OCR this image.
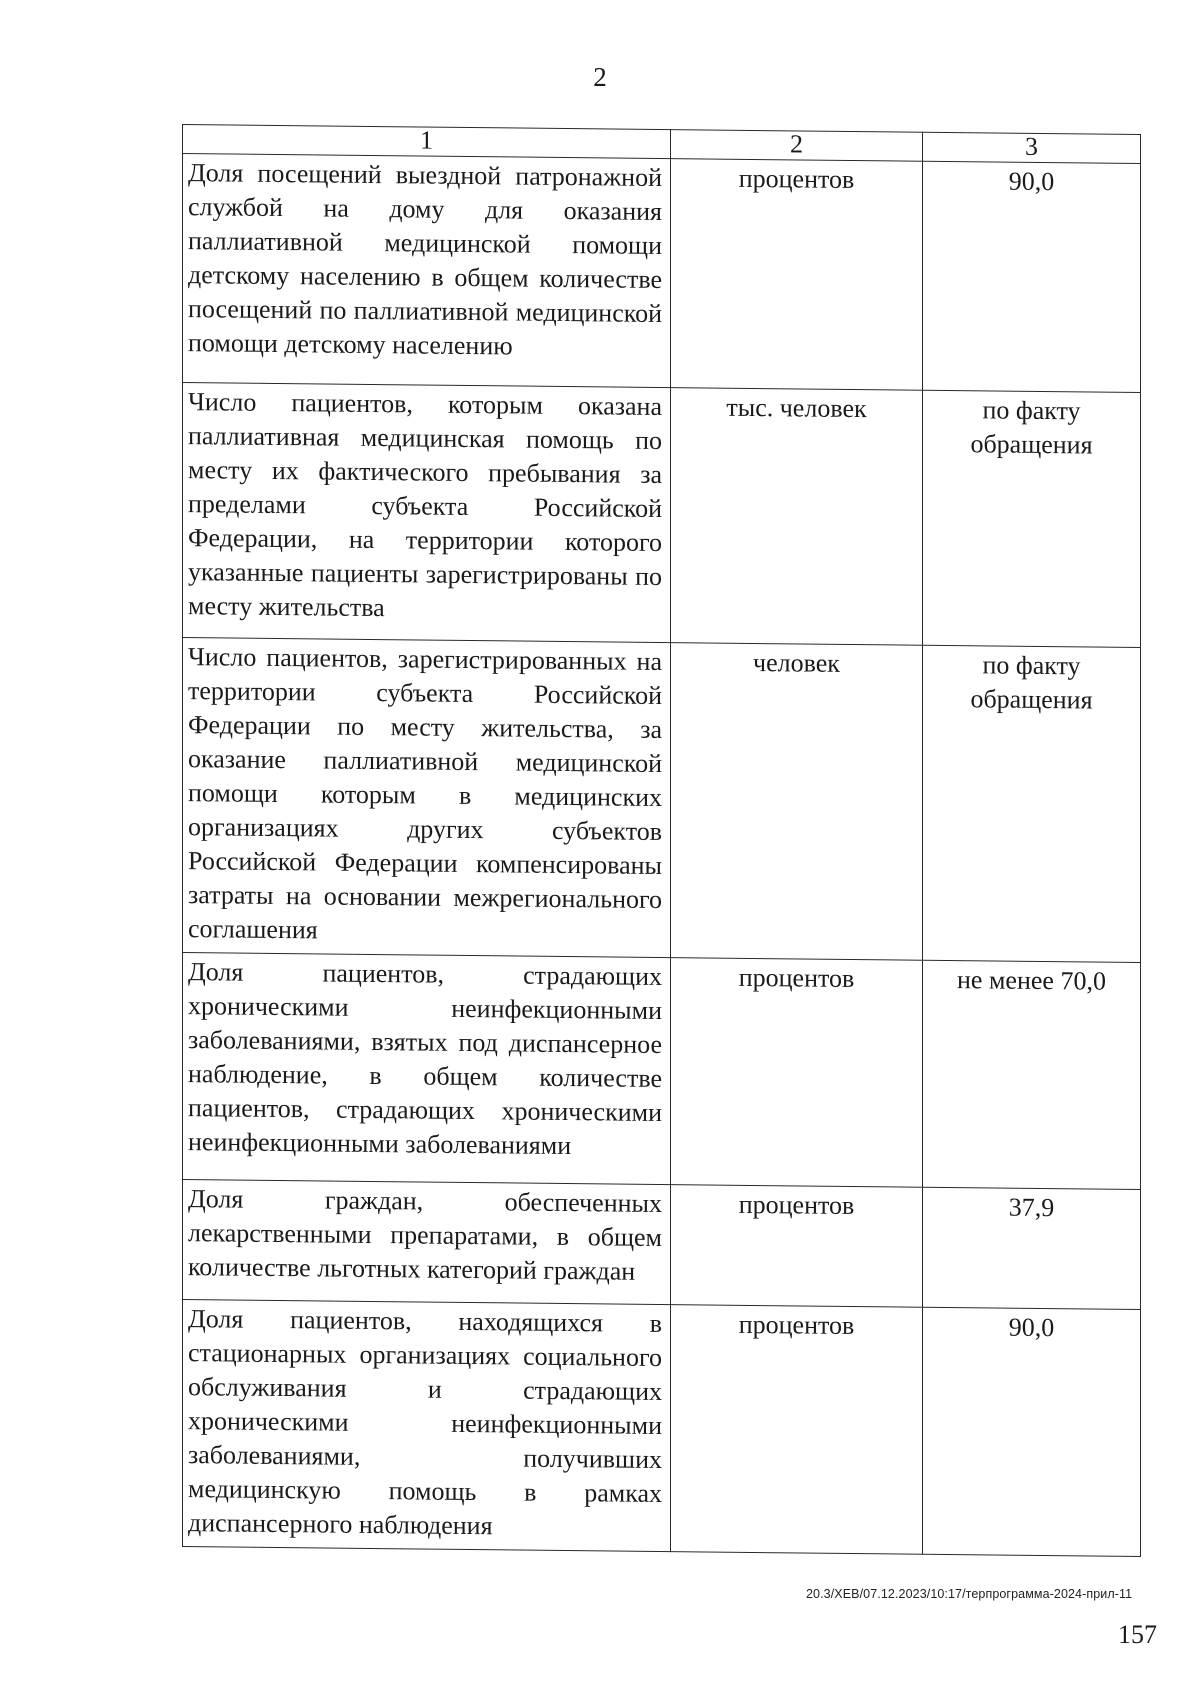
2
1	2	3
Доля посещений выездной патронажной службой на дому для оказания паллиативной медицинской помощи детскому населению в общем количестве посещений по паллиативной медицинской помощи детскому населению	процентов	90,0
Число пациентов, которым оказана паллиативная медицинская помощь по месту их фактического пребывания за пределами субъекта Российской Федерации, на территории которого указанные пациенты зарегистрированы по месту жительства	тыс. человек	по факту обращения
Число пациентов, зарегистрированных на территории субъекта Российской Федерации по месту жительства, за оказание паллиативной медицинской помощи которым в медицинских организациях других субъектов Российской Федерации компенсированы затраты на основании межрегионального соглашения	человек	по факту обращения
Доля пациентов, страдающих хроническими неинфекционными заболеваниями, взятых под диспансерное наблюдение, в общем количестве пациентов, страдающих хроническими неинфекционными заболеваниями	процентов	не менее 70,0
Доля граждан, обеспеченных лекарственными препаратами, в общем количестве льготных категорий граждан	процентов	37,9
Доля пациентов, находящихся в стационарных организациях социального обслуживания и страдающих хроническими неинфекционными заболеваниями, получивших медицинскую помощь в рамках диспансерного наблюдения	процентов	90,0
20.3/ХЕВ/07.12.2023/10:17/терпрограмма-2024-прил-11
157
